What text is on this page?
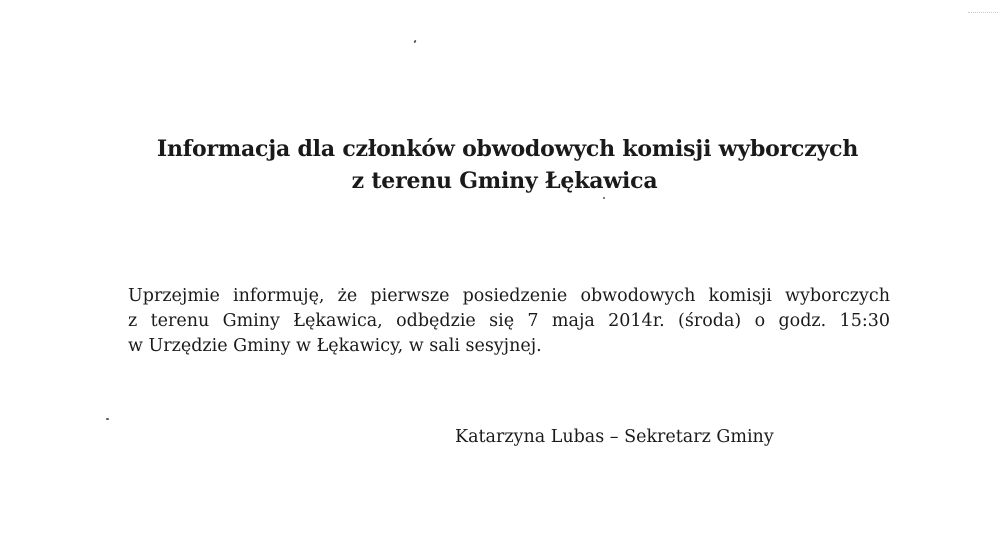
Informacja dla członków obwodowych komisji wyborczych
z terenu Gminy Łękawica
Uprzejmie informuję, że pierwsze posiedzenie obwodowych komisji wyborczych
z terenu Gminy Łękawica, odbędzie się 7 maja 2014r. (środa) o godz. 15:30
w Urzędzie Gminy w Łękawicy, w sali sesyjnej.
Katarzyna Lubas – Sekretarz Gminy
